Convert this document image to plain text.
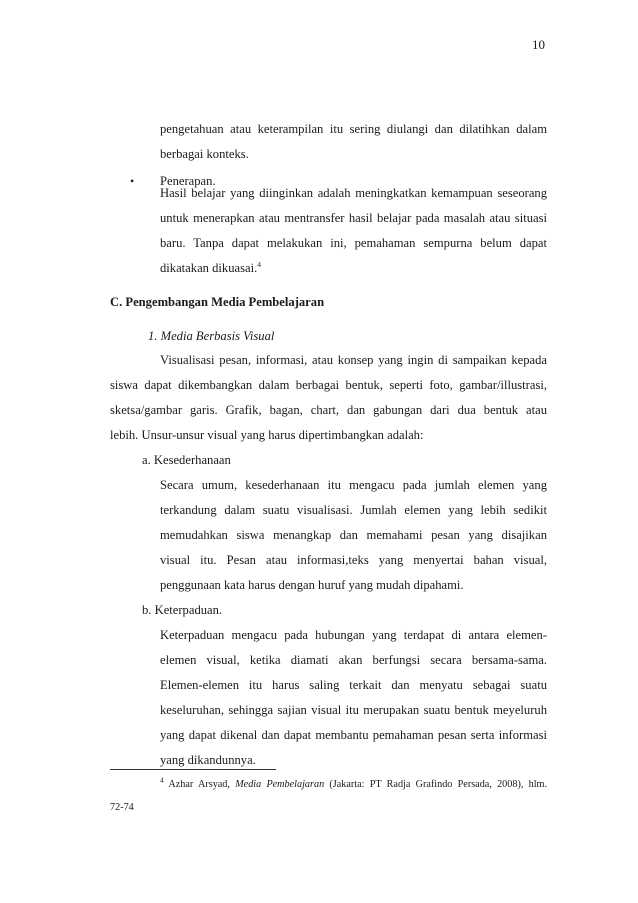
10
pengetahuan atau keterampilan itu sering diulangi dan dilatihkan dalam
berbagai konteks.
• Penerapan.
Hasil belajar yang diinginkan adalah meningkatkan kemampuan seseorang
untuk menerapkan atau mentransfer hasil belajar pada masalah atau situasi
baru. Tanpa dapat melakukan ini, pemahaman sempurna belum dapat
dikatakan dikuasai.$^4$
C. Pengembangan Media Pembelajaran
1. Media Berbasis Visual
Visualisasi pesan, informasi, atau konsep yang ingin di sampaikan kepada
siswa dapat dikembangkan dalam berbagai bentuk, seperti foto, gambar/illustrasi,
sketsa/gambar garis. Grafik, bagan, chart, dan gabungan dari dua bentuk atau
lebih. Unsur-unsur visual yang harus dipertimbangkan adalah:
a. Kesederhanaan
Secara umum, kesederhanaan itu mengacu pada jumlah elemen yang
terkandung dalam suatu visualisasi. Jumlah elemen yang lebih sedikit
memudahkan siswa menangkap dan memahami pesan yang disajikan
visual itu. Pesan atau informasi,teks yang menyertai bahan visual,
penggunaan kata harus dengan huruf yang mudah dipahami.
b. Keterpaduan.
Keterpaduan mengacu pada hubungan yang terdapat di antara elemen-
elemen visual, ketika diamati akan berfungsi secara bersama-sama.
Elemen-elemen itu harus saling terkait dan menyatu sebagai suatu
keseluruhan, sehingga sajian visual itu merupakan suatu bentuk meyeluruh
yang dapat dikenal dan dapat membantu pemahaman pesan serta informasi
yang dikandunnya.
$^4$ Azhar Arsyad, Media Pembelajaran (Jakarta: PT Radja Grafindo Persada, 2008), hlm.
72-74
